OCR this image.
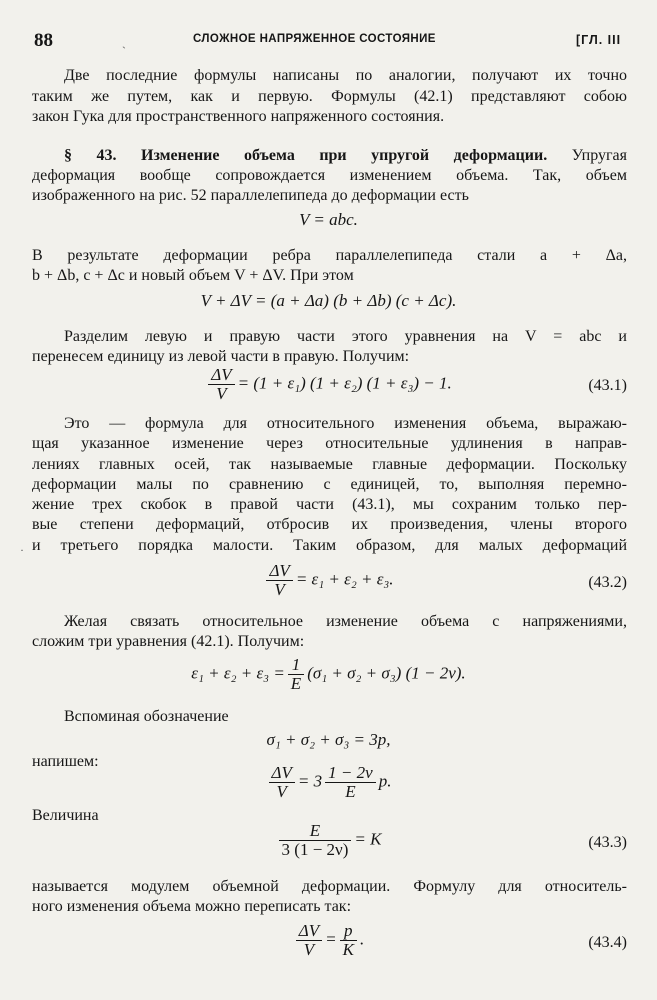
88	СЛОЖНОЕ НАПРЯЖЕННОЕ СОСТОЯНИЕ	[ГЛ. III
`
Две последние формулы написаны по аналогии, получают их точно
таким же путем, как и первую. Формулы (42.1) представляют собою
закон Гука для пространственного напряженного состояния.
§ 43. Изменение объема при упругой деформации. Упругая
деформация вообще сопровождается изменением объема. Так, объем
изображенного на рис. 52 параллелепипеда до деформации есть
V = abc.
В результате деформации ребра параллелепипеда стали a + Δa,
b + Δb, c + Δc и новый объем V + ΔV. При этом
V + ΔV = (a + Δa) (b + Δb) (c + Δc).
Разделим левую и правую части этого уравнения на V = abc и
перенесем единицу из левой части в правую. Получим:
$\frac{\Delta V}{V} = (1 + \varepsilon_1) (1 + \varepsilon_2) (1 + \varepsilon_3) - 1$.	(43.1)
Это — формула для относительного изменения объема, выражаю-
щая указанное изменение через относительные удлинения в направ-
лениях главных осей, так называемые главные деформации. Поскольку
деформации малы по сравнению с единицей, то, выполняя перемно-
жение трех скобок в правой части (43.1), мы сохраним только пер-
вые степени деформаций, отбросив их произведения, члены второго
и третьего порядка малости. Таким образом, для малых деформаций
·
$\frac{\Delta V}{V} = \varepsilon_1 + \varepsilon_2 + \varepsilon_3$.	(43.2)
Желая связать относительное изменение объема с напряжениями,
сложим три уравнения (42.1). Получим:
$\varepsilon_1 + \varepsilon_2 + \varepsilon_3 = \frac{1}{E} (\sigma_1 + \sigma_2 + \sigma_3) (1 - 2\nu)$.
Вспоминая обозначение
σ₁ + σ₂ + σ₃ = 3p,
напишем:
$\frac{\Delta V}{V} = 3 \frac{1 - 2\nu}{E} p$.
Величина
$\frac{E}{3 (1 - 2\nu)} = K$	(43.3)
называется модулем объемной деформации. Формулу для относитель-
ного изменения объема можно переписать так:
$\frac{\Delta V}{V} = \frac{p}{K}$ .	(43.4)
